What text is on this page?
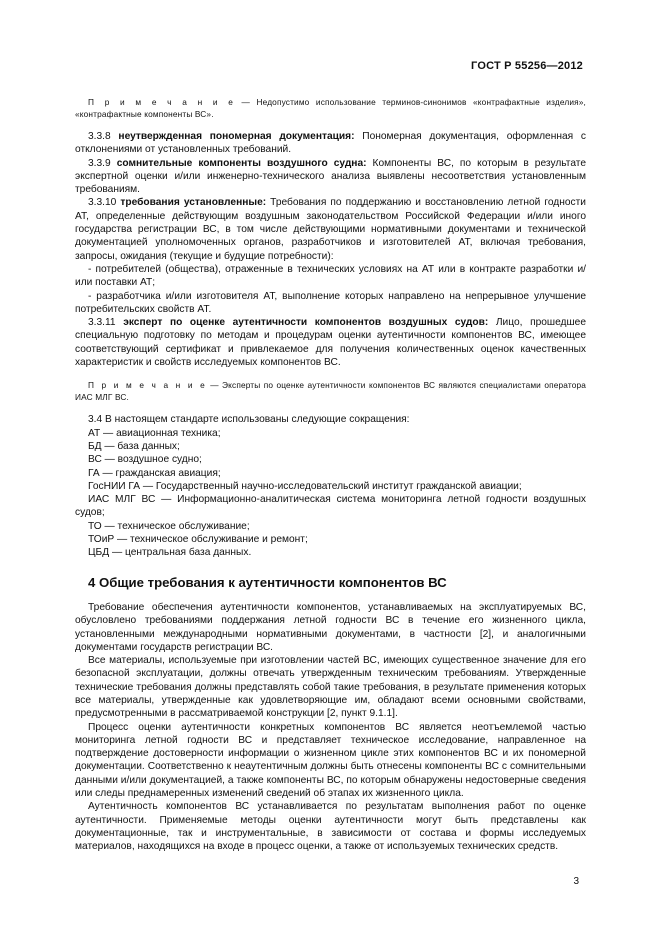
ГОСТ Р 55256—2012

П р и м е ч а н и е — Недопустимо использование терминов-синонимов «контрафактные изделия», «контрафактные компоненты ВС».

3.3.8 неутвержденная пономерная документация: Пономерная документация, оформленная с отклонениями от установленных требований.

3.3.9 сомнительные компоненты воздушного судна: Компоненты ВС, по которым в результате экспертной оценки и/или инженерно-технического анализа выявлены несоответствия установленным требованиям.

3.3.10 требования установленные: Требования по поддержанию и восстановлению летной годности АТ, определенные действующим воздушным законодательством Российской Федерации и/или иного государства регистрации ВС, в том числе действующими нормативными документами и технической документацией уполномоченных органов, разработчиков и изготовителей АТ, включая требования, запросы, ожидания (текущие и будущие потребности):

- потребителей (общества), отраженные в технических условиях на АТ или в контракте разработки и/или поставки АТ;

- разработчика и/или изготовителя АТ, выполнение которых направлено на непрерывное улучшение потребительских свойств АТ.

3.3.11 эксперт по оценке аутентичности компонентов воздушных судов: Лицо, прошедшее специальную подготовку по методам и процедурам оценки аутентичности компонентов ВС, имеющее соответствующий сертификат и привлекаемое для получения количественных оценок качественных характеристик и свойств исследуемых компонентов ВС.

П р и м е ч а н и е — Эксперты по оценке аутентичности компонентов ВС являются специалистами оператора ИАС МЛГ ВС.

3.4 В настоящем стандарте использованы следующие сокращения:

АТ — авиационная техника;

БД — база данных;

ВС — воздушное судно;

ГА — гражданская авиация;

ГосНИИ ГА — Государственный научно-исследовательский институт гражданской авиации;

ИАС МЛГ ВС — Информационно-аналитическая система мониторинга летной годности воздушных судов;

ТО — техническое обслуживание;

ТОиР — техническое обслуживание и ремонт;

ЦБД — центральная база данных.

4 Общие требования к аутентичности компонентов ВС

Требование обеспечения аутентичности компонентов, устанавливаемых на эксплуатируемых ВС, обусловлено требованиями поддержания летной годности ВС в течение его жизненного цикла, установленными международными нормативными документами, в частности [2], и аналогичными документами государств регистрации ВС.

Все материалы, используемые при изготовлении частей ВС, имеющих существенное значение для его безопасной эксплуатации, должны отвечать утвержденным техническим требованиям. Утвержденные технические требования должны представлять собой такие требования, в результате применения которых все материалы, утвержденные как удовлетворяющие им, обладают всеми основными свойствами, предусмотренными в рассматриваемой конструкции [2, пункт 9.1.1].

Процесс оценки аутентичности конкретных компонентов ВС является неотъемлемой частью мониторинга летной годности ВС и представляет техническое исследование, направленное на подтверждение достоверности информации о жизненном цикле этих компонентов ВС и их пономерной документации. Соответственно к неаутентичным должны быть отнесены компоненты ВС с сомнительными данными и/или документацией, а также компоненты ВС, по которым обнаружены недостоверные сведения или следы преднамеренных изменений сведений об этапах их жизненного цикла.

Аутентичность компонентов ВС устанавливается по результатам выполнения работ по оценке аутентичности. Применяемые методы оценки аутентичности могут быть представлены как документационные, так и инструментальные, в зависимости от состава и формы исследуемых материалов, находящихся на входе в процесс оценки, а также от используемых технических средств.

3
